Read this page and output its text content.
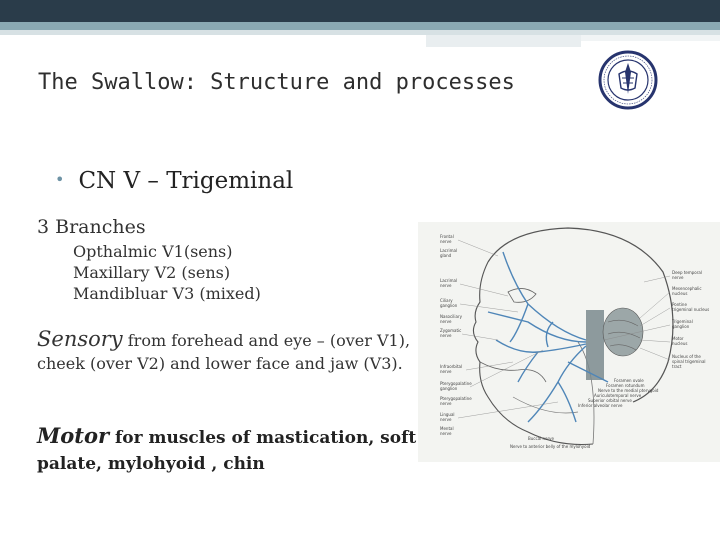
The Swallow: Structure and processes
• CN V – Trigeminal
3 Branches
Opthalmic V1(sens)
Maxillary V2 (sens)
Mandibluar V3 (mixed)
Sensory from forehead and eye – (over V1), cheek (over V2) and lower face and jaw (V3).
Motor for muscles of mastication, soft palate, mylohyoid , chin
Frontal
nerve
Lacrimal
gland
Lacrimal
nerve
Ciliary
ganglion
Nasociliary
nerve
Zygomatic
nerve
Infraorbital
nerve
Pterygopalatine
ganglion
Pterygopalatine
nerve
Lingual
nerve
Mental
nerve
Deep temporal
nerve
Mesencephalic
nucleus
Pontine
trigeminal nucleus
Trigeminal
ganglion
Motor
nucleus
Nucleus of the
spinal trigeminal
tract
Foramen ovale
Foramen rotundum
Nerve to the medial pterygoid
Auriculotemporal nerve
Superior orbital nerve
Inferior alveolar nerve
Buccal nerve
Nerve to anterior belly of the mylohyoid
